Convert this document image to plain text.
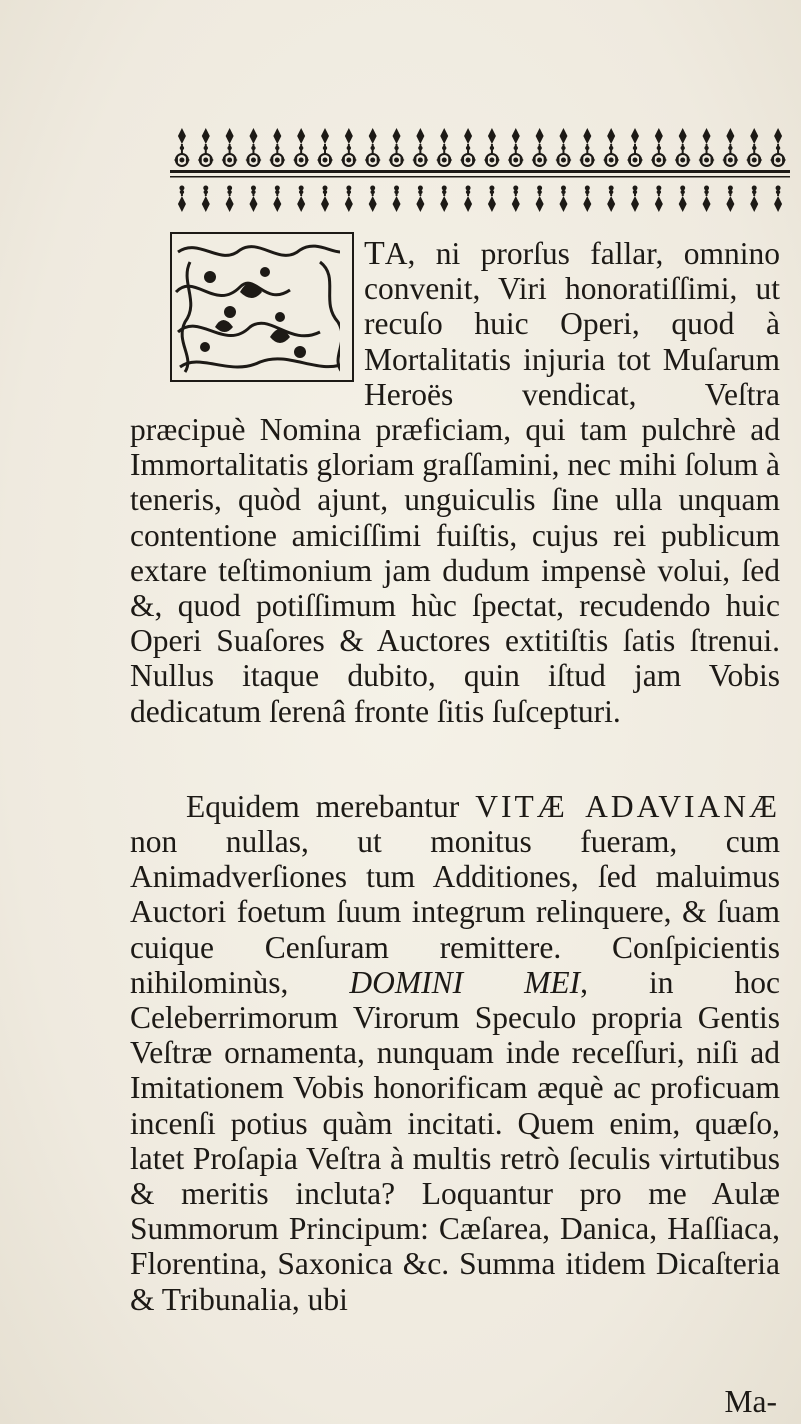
TA, ni prorſus fallar, omnino convenit, Viri honoratiſſimi, ut recuſo huic Operi, quod à Mortalitatis injuria tot Muſarum Heroës vendicat, Veſtra præcipuè Nomina præficiam, qui tam pulchrè ad Immortalitatis gloriam graſſamini, nec mihi ſolum à teneris, quòd ajunt, unguiculis ſine ulla unquam contentione amiciſſimi fuiſtis, cujus rei publicum extare teſtimonium jam dudum impensè volui, ſed &, quod potiſſimum hùc ſpectat, recudendo huic Operi Suaſores & Auctores extitiſtis ſatis ſtrenui. Nullus itaque dubito, quin iſtud jam Vobis dedicatum ſerenâ fronte ſitis ſuſcepturi.

Equidem merebantur VITÆ ADAVIANÆ non nullas, ut monitus fueram, cum Animadverſiones tum Additiones, ſed maluimus Auctori foetum ſuum integrum relinquere, & ſuam cuique Cenſuram remittere. Conſpicientis nihilominùs, DOMINI MEI, in hoc Celeberrimorum Virorum Speculo propria Gentis Veſtræ ornamenta, nunquam inde receſſuri, niſi ad Imitationem Vobis honorificam æquè ac proficuam incenſi potius quàm incitati. Quem enim, quæſo, latet Proſapia Veſtra à multis retrò ſeculis virtutibus & meritis incluta? Loquantur pro me Aulæ Summorum Principum: Cæſarea, Danica, Haſſiaca, Florentina, Saxonica &c. Summa itidem Dicaſteria & Tribunalia, ubi

Ma-
